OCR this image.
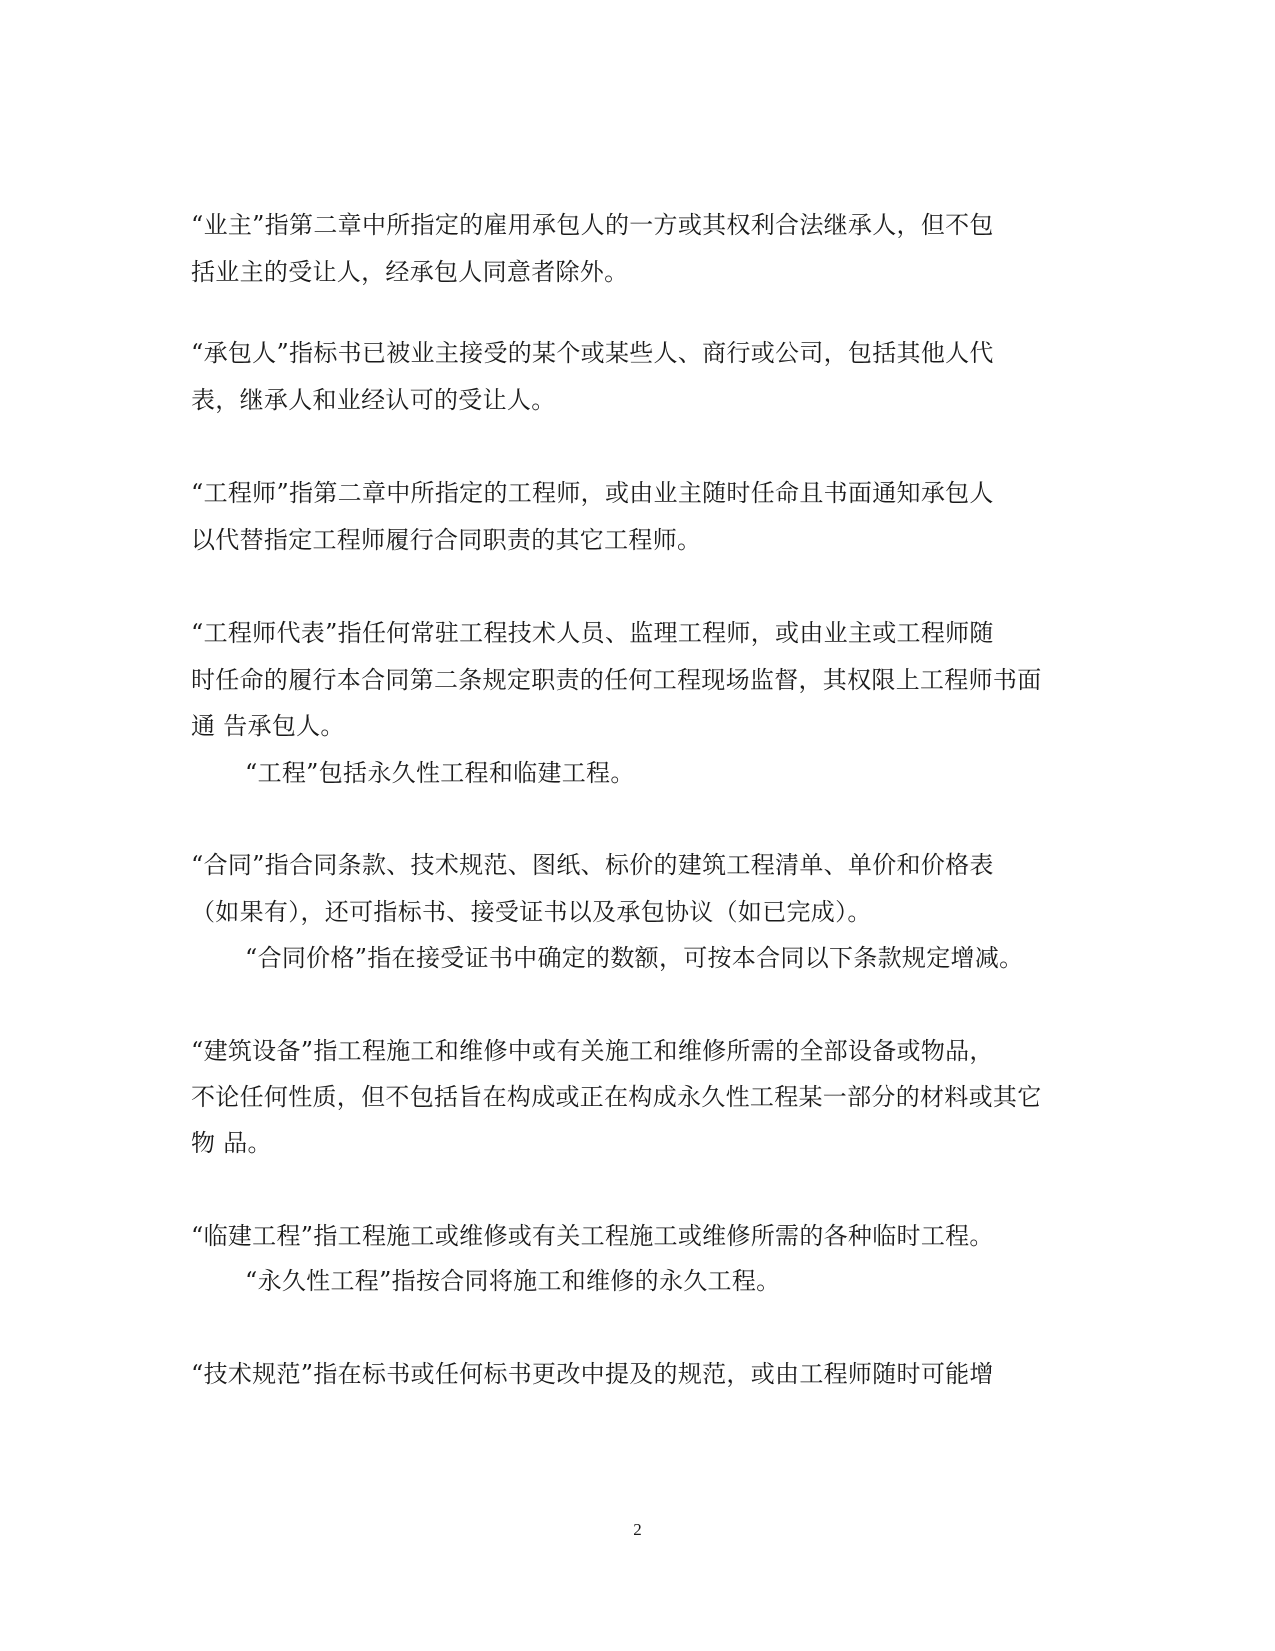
“业主”指第二章中所指定的雇用承包人的一方或其权利合法继承人，但不包
括业主的受让人，经承包人同意者除外。
“承包人”指标书已被业主接受的某个或某些人、商行或公司，包括其他人代
表，继承人和业经认可的受让人。
“工程师”指第二章中所指定的工程师，或由业主随时任命且书面通知承包人
以代替指定工程师履行合同职责的其它工程师。
“工程师代表”指任何常驻工程技术人员、监理工程师，或由业主或工程师随
时任命的履行本合同第二条规定职责的任何工程现场监督，其权限上工程师书面
通 告承包人。
“工程”包括永久性工程和临建工程。
“合同”指合同条款、技术规范、图纸、标价的建筑工程清单、单价和价格表
（如果有），还可指标书、接受证书以及承包协议（如已完成）。
“合同价格”指在接受证书中确定的数额，可按本合同以下条款规定增减。
“建筑设备”指工程施工和维修中或有关施工和维修所需的全部设备或物品，
不论任何性质，但不包括旨在构成或正在构成永久性工程某一部分的材料或其它
物 品。
“临建工程”指工程施工或维修或有关工程施工或维修所需的各种临时工程。
“永久性工程”指按合同将施工和维修的永久工程。
“技术规范”指在标书或任何标书更改中提及的规范，或由工程师随时可能增
2
